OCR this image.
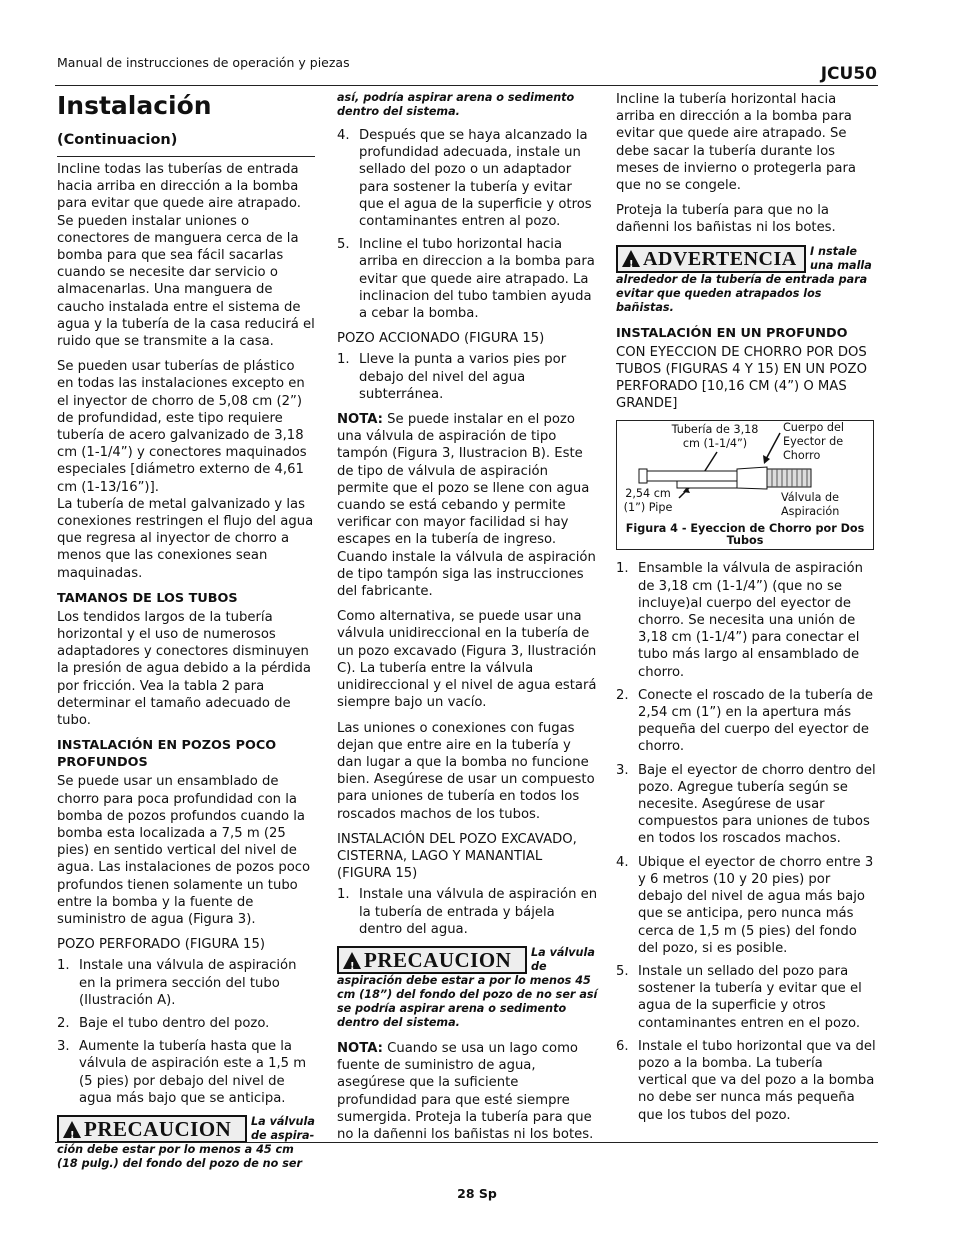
Manual de instrucciones de operación y piezas
JCU50
Instalación (Continuacion)

Incline todas las tuberías de entrada hacia arriba en dirección a la bomba para evitar que quede aire atrapado. Se pueden instalar uniones o conectores de manguera cerca de la bomba para que sea fácil sacarlas cuando se necesite dar servicio o almacenarlas. Una manguera de caucho instalada entre el sistema de agua y la tubería de la casa reducirá el ruido que se transmite a la casa.

Se pueden usar tuberías de plástico en todas las instalaciones excepto en el inyector de chorro de 5,08 cm (2”) de profundidad, este tipo requiere tubería de acero galvanizado de 3,18 cm (1-1/4”) y conectores maquinados especiales [diámetro externo de 4,61 cm (1-13/16”)].

La tubería de metal galvanizado y las conexiones restringen el flujo del agua que regresa al inyector de chorro a menos que las conexiones sean maquinadas.

TAMANOS DE LOS TUBOS

Los tendidos largos de la tubería horizontal y el uso de numerosos adaptadores y conectores disminuyen la presión de agua debido a la pérdida por fricción. Vea la tabla 2 para determinar el tamaño adecuado de tubo.

INSTALACIÓN EN POZOS POCO PROFUNDOS

Se puede usar un ensamblado de chorro para poca profundidad con la bomba de pozos profundos cuando la bomba esta localizada a 7,5 m (25 pies) en sentido vertical del nivel de agua. Las instalaciones de pozos poco profundos tienen solamente un tubo entre la bomba y la fuente de suministro de agua (Figura 3).

POZO PERFORADO (FIGURA 15)

1. Instale una válvula de aspiración en la primera sección del tubo (Ilustración A).
2. Baje el tubo dentro del pozo.
3. Aumente la tubería hasta que la válvula de aspiración este a 1,5 m (5 pies) por debajo del nivel de agua más bajo que se anticipa.
!PRECAUCION	La válvula de aspira-ción debe estar por lo menos a 45 cm (18 pulg.) del fondo del pozo de no ser
así, podría aspirar arena o sedimento dentro del sistema.
4. Después que se haya alcanzado la profundidad adecuada, instale un sellado del pozo o un adaptador para sostener la tubería y evitar que el agua de la superficie y otros contaminantes entren al pozo.
5. Incline el tubo horizontal hacia arriba en direccion a la bomba para evitar que quede aire atrapado. La inclinacion del tubo tambien ayuda a cebar la bomba.

POZO ACCIONADO (FIGURA 15)

1. Lleve la punta a varios pies por debajo del nivel del agua subterránea.

NOTA: Se puede instalar en el pozo una válvula de aspiración de tipo tampón (Figura 3, Ilustracion B). Este de tipo de válvula de aspiración permite que el pozo se llene con agua cuando se está cebando y permite verificar con mayor facilidad si hay escapes en la tubería de ingreso. Cuando instale la válvula de aspiración de tipo tampón siga las instrucciones del fabricante.

Como alternativa, se puede usar una válvula unidireccional en la tubería de un pozo excavado (Figura 3, Ilustración C). La tubería entre la válvula unidireccional y el nivel de agua estará siempre bajo un vacío.

Las uniones o conexiones con fugas dejan que entre aire en la tubería y dan lugar a que la bomba no funcione bien. Asegúrese de usar un compuesto para uniones de tubería en todos los roscados machos de los tubos.

INSTALACIÓN DEL POZO EXCAVADO, CISTERNA, LAGO Y MANANTIAL (FIGURA 15)

1. Instale una válvula de aspiración en la tubería de entrada y bájela dentro del agua.
!PRECAUCION	La válvula de aspiración debe estar a por lo menos 45 cm (18”) del fondo del pozo de no ser así se podría aspirar arena o sedimento dentro del sistema.

NOTA: Cuando se usa un lago como fuente de suministro de agua, asegúrese que la suficiente profundidad para que esté siempre sumergida. Proteja la tubería para que no la dañenni los bañistas ni los botes.

Incline la tubería horizontal hacia arriba en dirección a la bomba para evitar que quede aire atrapado. Se debe sacar la tubería durante los meses de invierno o protegerla para que no se congele.

Proteja la tubería para que no la dañenni los bañistas ni los botes.

!ADVERTENCIA	I nstale una malla alrededor de la tubería de entrada para evitar que queden atrapados los bañistas.
INSTALACIÓN EN UN PROFUNDO

CON EYECCION DE CHORRO POR DOS TUBOS (FIGURAS 4 Y 15) EN UN POZO PERFORADO [10,16 CM (4”) O MAS GRANDE]

Tubería de 3,18 cm (1-1/4”)
Cuerpo del Eyector de Chorro
2,54 cm (1”) Pipe
Válvula de Aspiración
Figura 4 - Eyeccion de Chorro por Dos Tubos
1. Ensamble la válvula de aspiración de 3,18 cm (1-1/4”) (que no se incluye)al cuerpo del eyector de chorro. Se necesita una unión de 3,18 cm (1-1/4”) para conectar el tubo más largo al ensamblado de chorro.
2. Conecte el roscado de la tubería de 2,54 cm (1”) en la apertura más pequeña del cuerpo del eyector de chorro.
3. Baje el eyector de chorro dentro del pozo. Agregue tubería según se necesite. Asegúrese de usar compuestos para uniones de tubos en todos los roscados machos.
4. Ubique el eyector de chorro entre 3 y 6 metros (10 y 20 pies) por debajo del nivel de agua más bajo que se anticipa, pero nunca más cerca de 1,5 m (5 pies) del fondo del pozo, si es posible.
5. Instale un sellado del pozo para sostener la tubería y evitar que el agua de la superficie y otros contaminantes entren en el pozo.
6. Instale el tubo horizontal que va del pozo a la bomba. La tubería vertical que va del pozo a la bomba no debe ser nunca más pequeña que los tubos del pozo.
28 Sp
